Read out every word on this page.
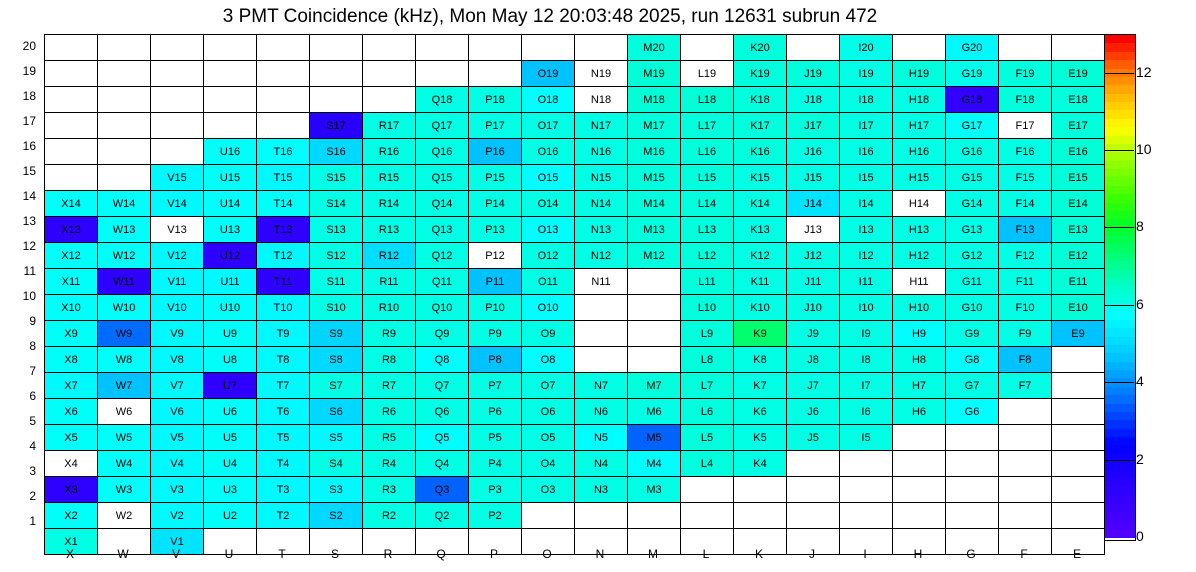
3 PMT Coincidence (kHz), Mon May 12 20:03:48 2025, run 12631 subrun 472
											M20		K20		I20		G20		
									O19	N19	M19	L19	K19	J19	I19	H19	G19	F19	E19
							Q18	P18	O18	N18	M18	L18	K18	J18	I18	H18	G18	F18	E18
					S17	R17	Q17	P17	O17	N17	M17	L17	K17	J17	I17	H17	G17	F17	E17
			U16	T16	S16	R16	Q16	P16	O16	N16	M16	L16	K16	J16	I16	H16	G16	F16	E16
		V15	U15	T15	S15	R15	Q15	P15	O15	N15	M15	L15	K15	J15	I15	H15	G15	F15	E15
X14	W14	V14	U14	T14	S14	R14	Q14	P14	O14	N14	M14	L14	K14	J14	I14	H14	G14	F14	E14
X13	W13	V13	U13	T13	S13	R13	Q13	P13	O13	N13	M13	L13	K13	J13	I13	H13	G13	F13	E13
X12	W12	V12	U12	T12	S12	R12	Q12	P12	O12	N12	M12	L12	K12	J12	I12	H12	G12	F12	E12
X11	W11	V11	U11	T11	S11	R11	Q11	P11	O11	N11		L11	K11	J11	I11	H11	G11	F11	E11
X10	W10	V10	U10	T10	S10	R10	Q10	P10	O10			L10	K10	J10	I10	H10	G10	F10	E10
X9	W9	V9	U9	T9	S9	R9	Q9	P9	O9			L9	K9	J9	I9	H9	G9	F9	E9
X8	W8	V8	U8	T8	S8	R8	Q8	P8	O8			L8	K8	J8	I8	H8	G8	F8	
X7	W7	V7	U7	T7	S7	R7	Q7	P7	O7	N7	M7	L7	K7	J7	I7	H7	G7	F7	
X6	W6	V6	U6	T6	S6	R6	Q6	P6	O6	N6	M6	L6	K6	J6	I6	H6	G6		
X5	W5	V5	U5	T5	S5	R5	Q5	P5	O5	N5	M5	L5	K5	J5	I5				
X4	W4	V4	U4	T4	S4	R4	Q4	P4	O4	N4	M4	L4	K4						
X3	W3	V3	U3	T3	S3	R3	Q3	P3	O3	N3	M3								
X2	W2	V2	U2	T2	S2	R2	Q2	P2											
X1		V1																	
20
19
18
17
16
15
14
13
12
11
10
9
8
7
6
5
4
3
2
1
X	W	V	U	T	S	R	Q	P	O	N	M	L	K	J	I	H	G	F	E
0
2
4
6
8
10
12
